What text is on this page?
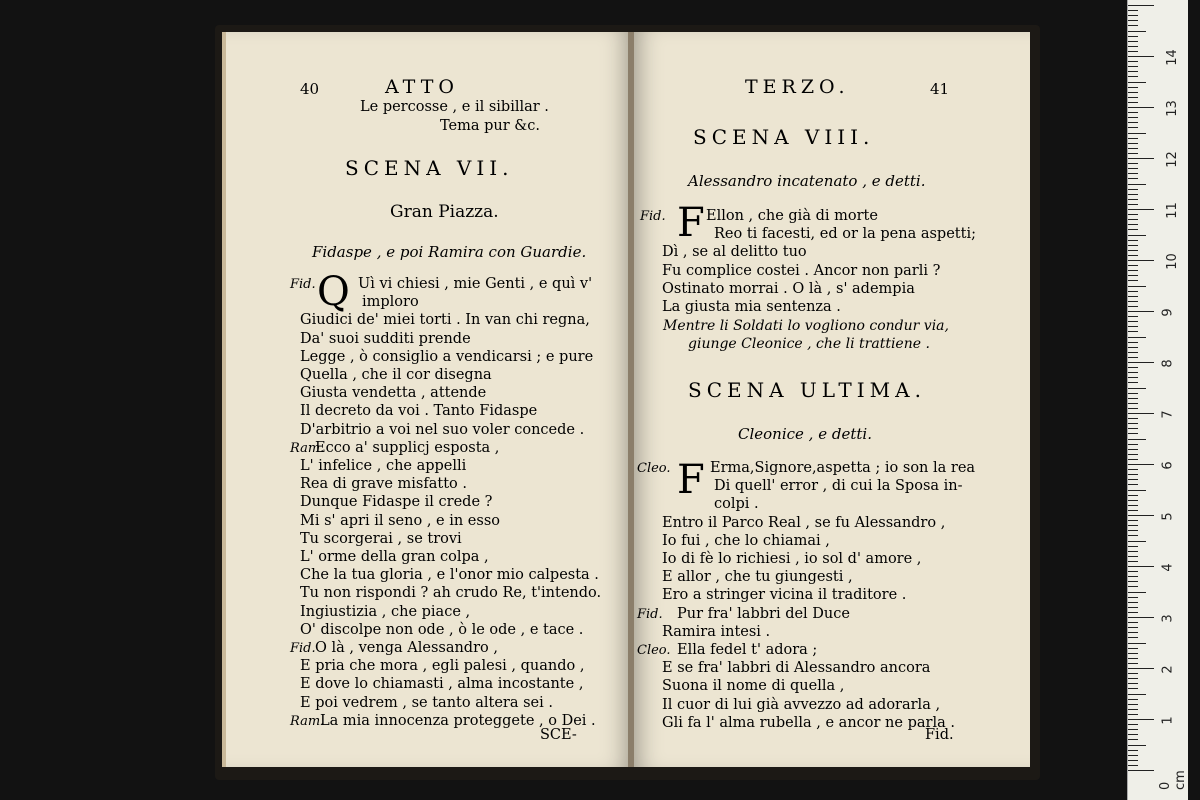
40	ATTO
Le percosse , e il sibillar .
Tema pur &c.
SCENA VII.
Gran Piazza.
Fidaspe , e poi Ramira con Guardie.
Q
Fid.	Uì vi chiesi , mie Genti , e quì v'
imploro
Giudici de' miei torti . In van chi regna,
Da' suoi sudditi prende
Legge , ò consiglio a vendicarsi ; e pure
Quella , che il cor disegna
Giusta vendetta , attende
Il decreto da voi . Tanto Fidaspe
D'arbitrio a voi nel suo voler concede .
Ram.
Ecco a' supplicj esposta ,
L' infelice , che appelli
Rea di grave misfatto .
Dunque Fidaspe il crede ?
Mi s' apri il seno , e in esso
Tu scorgerai , se trovi
L' orme della gran colpa ,
Che la tua gloria , e l'onor mio calpesta .
Tu non rispondi ? ah crudo Re, t'intendo.
Ingiustizia , che piace ,
O' discolpe non ode , ò le ode , e tace .
Fid. O là , venga Alessandro ,
E pria che mora , egli palesi , quando ,
E dove lo chiamasti , alma incostante ,
E poi vedrem , se tanto altera sei .
Ram.
La mia innocenza proteggete , o Dei .
SCE-
TERZO.	41
SCENA VIII.
Alessandro incatenato , e detti.
F
Fid.	Ellon , che già di morte
Reo ti facesti, ed or la pena aspetti;
Dì , se al delitto tuo
Fu complice costei . Ancor non parli ?
Ostinato morrai . O là , s' adempia
La giusta mia sentenza .
Mentre li Soldati lo vogliono condur via,
giunge Cleonice , che li trattiene .
SCENA ULTIMA.
Cleonice , e detti.
F
Cleo.	Erma,Signore,aspetta ; io son la rea
Di quell' error , di cui la Sposa in-
colpi .
Entro il Parco Real , se fu Alessandro ,
Io fui , che lo chiamai ,
Io di fè lo richiesi , io sol d' amore ,
E allor , che tu giungesti ,
Ero a stringer vicina il traditore .
Fid. Pur fra' labbri del Duce
Ramira intesi .
Cleo. Ella fedel t' adora ;
E se fra' labbri di Alessandro ancora
Suona il nome di quella ,
Il cuor di lui già avvezzo ad adorarla ,
Gli fa l' alma rubella , e ancor ne parla .
Fid.
14
13
12
11
10
9
8
7
6
5
4
3
2
1
0 cm
